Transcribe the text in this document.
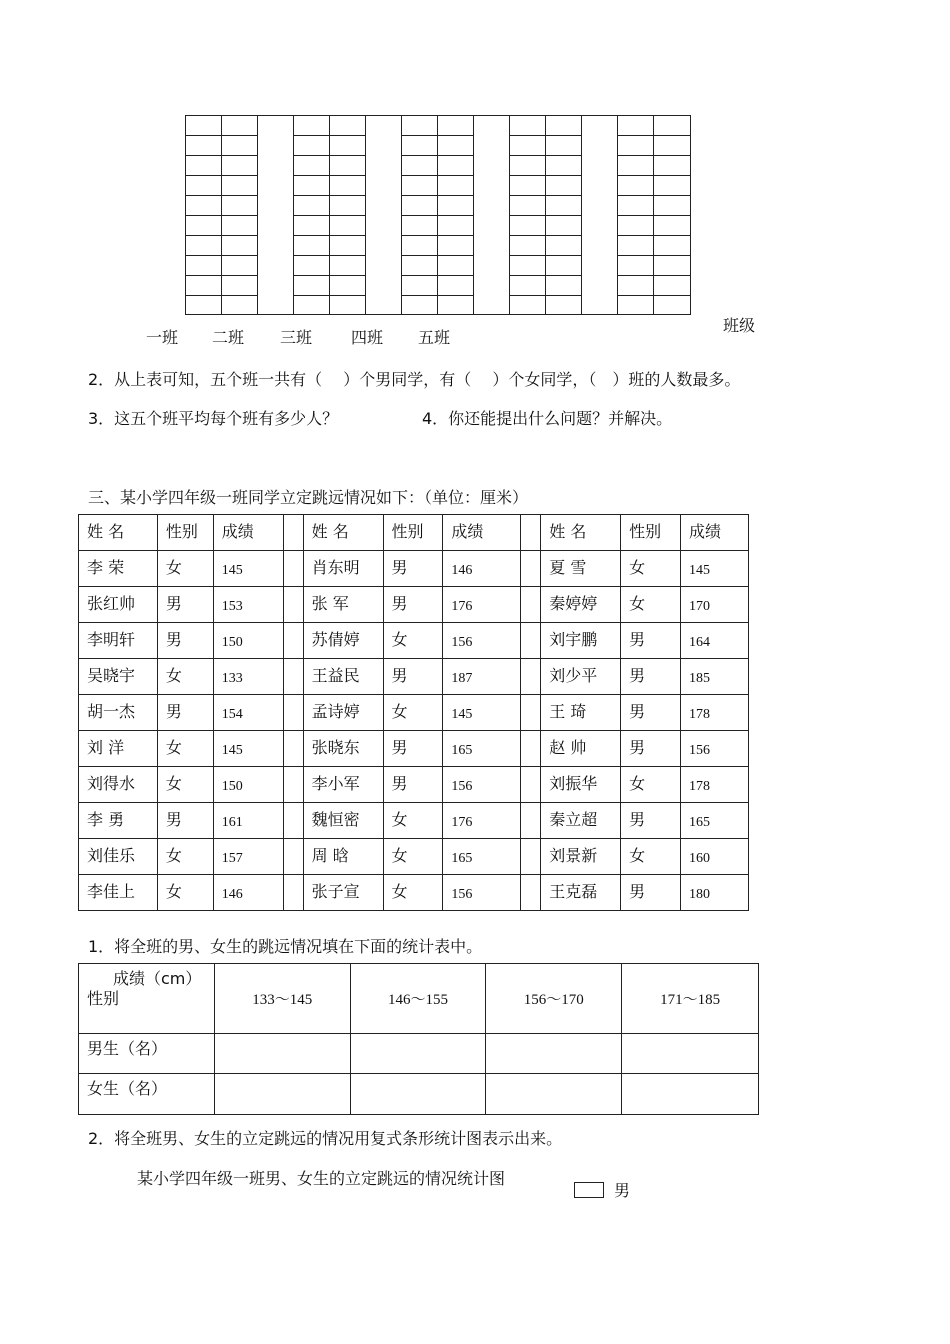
一班 二班 三班 四班 五班
班级
2．从上表可知，五个班一共有（　 ）个男同学，有（　 ）个女同学，（　）班的人数最多。
3．这五个班平均每个班有多少人？	4．你还能提出什么问题？并解决。
三、某小学四年级一班同学立定跳远情况如下：（单位：厘米）
姓 名	性别	成绩		姓 名	性别	成绩		姓 名	性别	成绩
李 荣	女	145		肖东明	男	146		夏 雪	女	145
张红帅	男	153		张 军	男	176		秦婷婷	女	170
李明轩	男	150		苏倩婷	女	156		刘宇鹏	男	164
吴晓宇	女	133		王益民	男	187		刘少平	男	185
胡一杰	男	154		孟诗婷	女	145		王 琦	男	178
刘 洋	女	145		张晓东	男	165		赵 帅	男	156
刘得水	女	150		李小军	男	156		刘振华	女	178
李 勇	男	161		魏恒密	女	176		秦立超	男	165
刘佳乐	女	157		周 晗	女	165		刘景新	女	160
李佳上	女	146		张子宣	女	156		王克磊	男	180
1．将全班的男、女生的跳远情况填在下面的统计表中。
成绩（cm）
性别	133～145	146～155	156～170	171～185
男生（名）				
女生（名）				
2．将全班男、女生的立定跳远的情况用复式条形统计图表示出来。
某小学四年级一班男、女生的立定跳远的情况统计图
男
